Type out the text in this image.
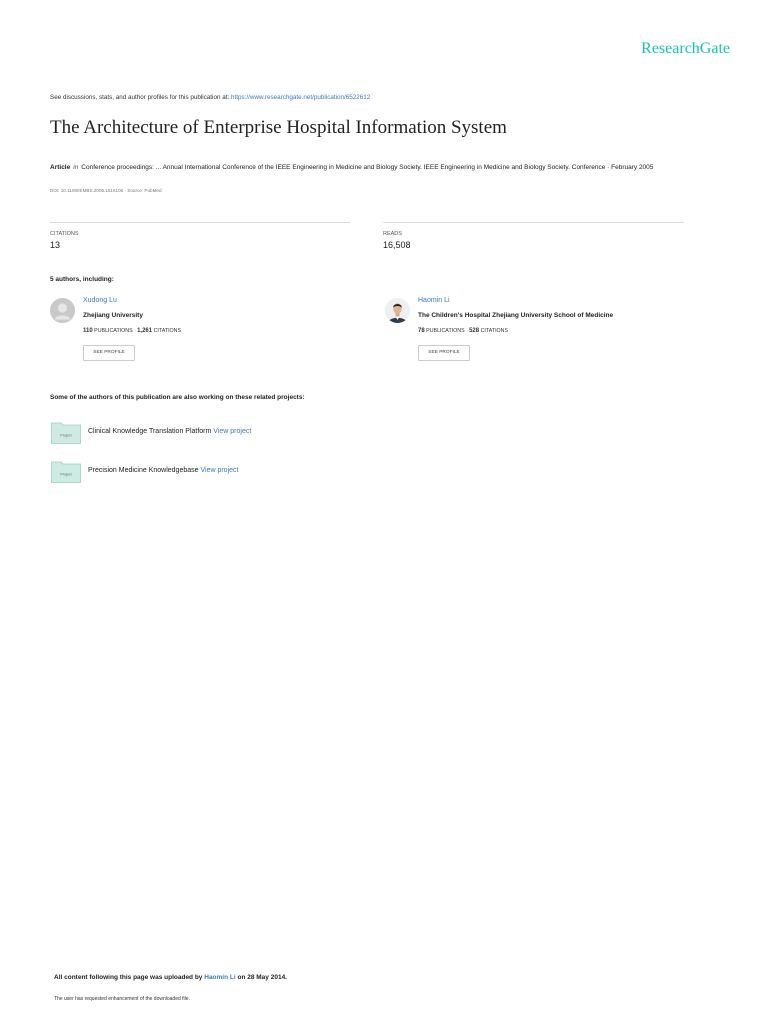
ResearchGate
See discussions, stats, and author profiles for this publication at: https://www.researchgate.net/publication/6522612
The Architecture of Enterprise Hospital Information System
Article in Conference proceedings: ... Annual International Conference of the IEEE Engineering in Medicine and Biology Society. IEEE Engineering in Medicine and Biology Society. Conference · February 2005
DOI: 10.1109/IEMBS.2005.1616106 · Source: PubMed
CITATIONS
13
READS
16,508
5 authors, including:
Xudong Lu
Zhejiang University
110 PUBLICATIONS 1,261 CITATIONS
SEE PROFILE
Haomin Li
The Children's Hospital Zhejiang University School of Medicine
78 PUBLICATIONS 528 CITATIONS
SEE PROFILE
Some of the authors of this publication are also working on these related projects:
Project
Clinical Knowledge Translation Platform View project
Project
Precision Medicine Knowledgebase View project
All content following this page was uploaded by Haomin Li on 28 May 2014.
The user has requested enhancement of the downloaded file.
